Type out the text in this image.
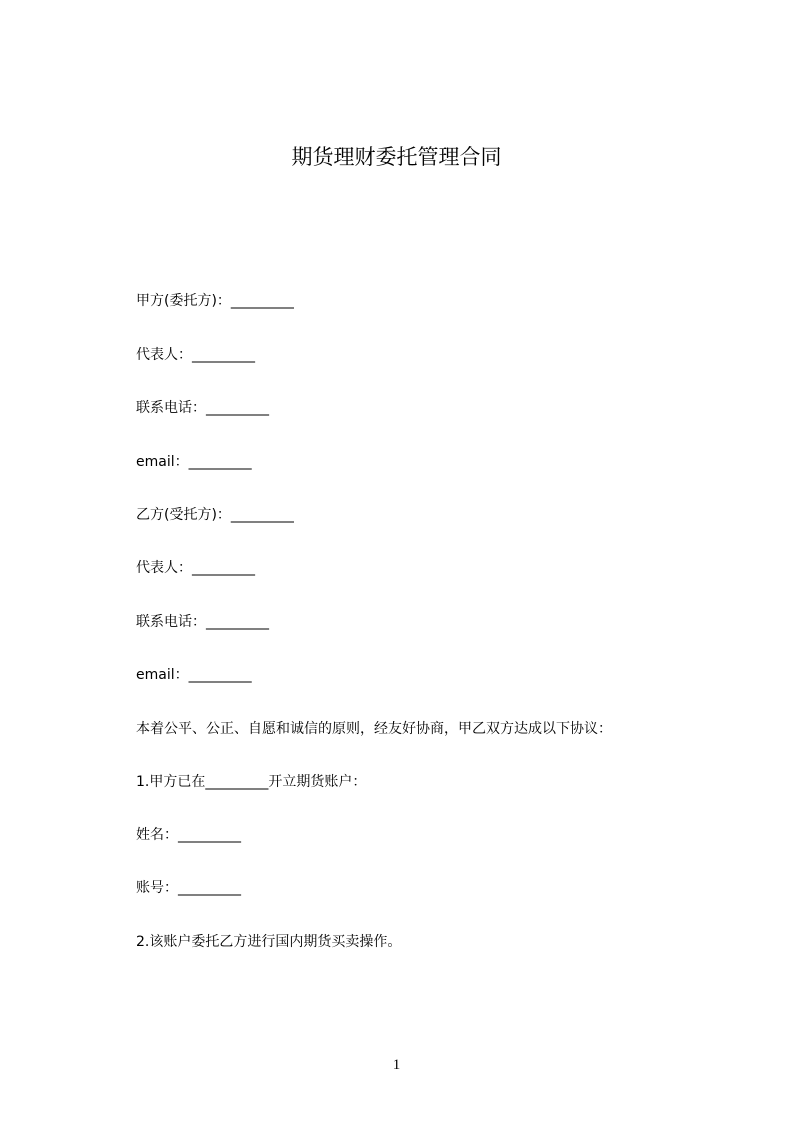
期货理财委托管理合同
甲方(委托方)：_________
代表人：_________
联系电话：_________
email：_________
乙方(受托方)：_________
代表人：_________
联系电话：_________
email：_________
本着公平、公正、自愿和诚信的原则，经友好协商，甲乙双方达成以下协议：
1.甲方已在_________开立期货账户：
姓名：_________
账号：_________
2.该账户委托乙方进行国内期货买卖操作。
1
